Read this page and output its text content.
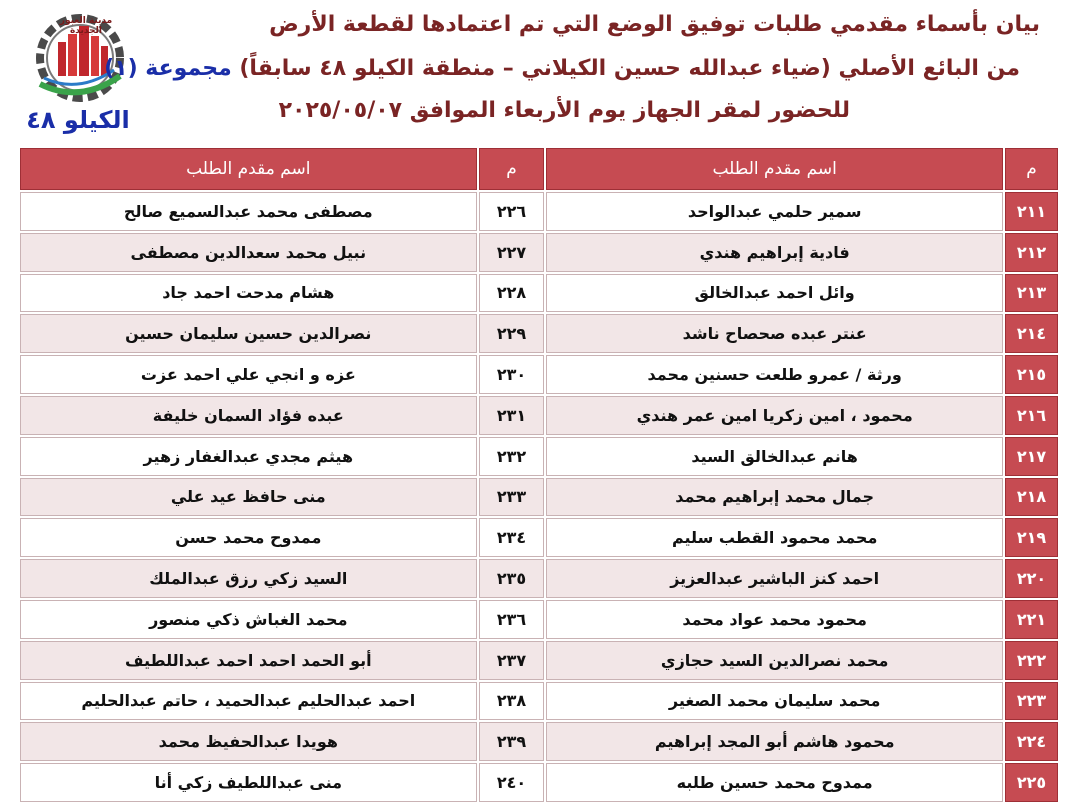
مدينة العبور الجديدة
الكيلو ٤٨
بيان بأسماء مقدمي طلبات توفيق الوضع التي تم اعتمادها لقطعة الأرض
من البائع الأصلي (ضياء عبدالله حسين الكيلاني – منطقة الكيلو ٤٨ سابقاً) مجموعة (١)
للحضور لمقر الجهاز يوم الأربعاء الموافق ٢٠٢٥/٠٥/٠٧
م	اسم مقدم الطلب	م	اسم مقدم الطلب
٢١١	سمير حلمي عبدالواحد	٢٢٦	مصطفى محمد عبدالسميع صالح
٢١٢	فادية إبراهيم هندي	٢٢٧	نبيل محمد سعدالدين مصطفى
٢١٣	وائل احمد عبدالخالق	٢٢٨	هشام مدحت احمد جاد
٢١٤	عنتر عبده صحصاح ناشد	٢٢٩	نصرالدين حسين سليمان حسين
٢١٥	ورثة / عمرو طلعت حسنين محمد	٢٣٠	عزه و انجي علي احمد عزت
٢١٦	محمود ، امين زكريا امين عمر هندي	٢٣١	عبده فؤاد السمان خليفة
٢١٧	هانم عبدالخالق السيد	٢٣٢	هيثم مجدي عبدالغفار زهير
٢١٨	جمال محمد إبراهيم محمد	٢٣٣	منى حافظ عيد علي
٢١٩	محمد محمود القطب سليم	٢٣٤	ممدوح محمد حسن
٢٢٠	احمد كنز الباشير عبدالعزيز	٢٣٥	السيد زكي رزق عبدالملك
٢٢١	محمود محمد عواد محمد	٢٣٦	محمد الغباش ذكي منصور
٢٢٢	محمد نصرالدين السيد حجازي	٢٣٧	أبو الحمد احمد احمد عبداللطيف
٢٢٣	محمد سليمان محمد الصغير	٢٣٨	احمد عبدالحليم عبدالحميد ، حاتم عبدالحليم
٢٢٤	محمود هاشم أبو المجد إبراهيم	٢٣٩	هويدا عبدالحفيظ محمد
٢٢٥	ممدوح محمد حسين طلبه	٢٤٠	منى عبداللطيف زكي أنا
